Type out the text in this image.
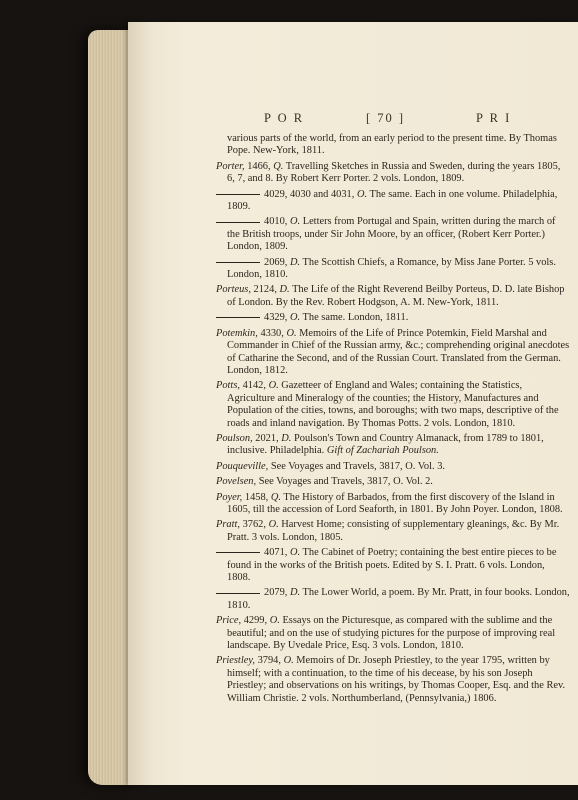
P O R	[ 70 ]	P R I
various parts of the world, from an early period to the present time. By Thomas Pope. New-York, 1811.
Porter, 1466, Q. Travelling Sketches in Russia and Sweden, during the years 1805, 6, 7, and 8. By Robert Kerr Porter. 2 vols. London, 1809.
4029, 4030 and 4031, O. The same. Each in one volume. Philadelphia, 1809.
4010, O. Letters from Portugal and Spain, written during the march of the British troops, under Sir John Moore, by an officer, (Robert Kerr Porter.) London, 1809.
2069, D. The Scottish Chiefs, a Romance, by Miss Jane Porter. 5 vols. London, 1810.
Porteus, 2124, D. The Life of the Right Reverend Beilby Porteus, D. D. late Bishop of London. By the Rev. Robert Hodgson, A. M. New-York, 1811.
4329, O. The same. London, 1811.
Potemkin, 4330, O. Memoirs of the Life of Prince Potemkin, Field Marshal and Commander in Chief of the Russian army, &c.; comprehending original anecdotes of Catharine the Second, and of the Russian Court. Translated from the German. London, 1812.
Potts, 4142, O. Gazetteer of England and Wales; containing the Statistics, Agriculture and Mineralogy of the counties; the History, Manufactures and Population of the cities, towns, and boroughs; with two maps, descriptive of the roads and inland navigation. By Thomas Potts. 2 vols. London, 1810.
Poulson, 2021, D. Poulson's Town and Country Almanack, from 1789 to 1801, inclusive. Philadelphia. Gift of Zachariah Poulson.
Pouqueville, See Voyages and Travels, 3817, O. Vol. 3.
Povelsen, See Voyages and Travels, 3817, O. Vol. 2.
Poyer, 1458, Q. The History of Barbados, from the first discovery of the Island in 1605, till the accession of Lord Seaforth, in 1801. By John Poyer. London, 1808.
Pratt, 3762, O. Harvest Home; consisting of supplementary gleanings, &c. By Mr. Pratt. 3 vols. London, 1805.
4071, O. The Cabinet of Poetry; containing the best entire pieces to be found in the works of the British poets. Edited by S. I. Pratt. 6 vols. London, 1808.
2079, D. The Lower World, a poem. By Mr. Pratt, in four books. London, 1810.
Price, 4299, O. Essays on the Picturesque, as compared with the sublime and the beautiful; and on the use of studying pictures for the purpose of improving real landscape. By Uvedale Price, Esq. 3 vols. London, 1810.
Priestley, 3794, O. Memoirs of Dr. Joseph Priestley, to the year 1795, written by himself; with a continuation, to the time of his decease, by his son Joseph Priestley; and observations on his writings, by Thomas Cooper, Esq. and the Rev. William Christie. 2 vols. Northumberland, (Pennsylvania,) 1806.
